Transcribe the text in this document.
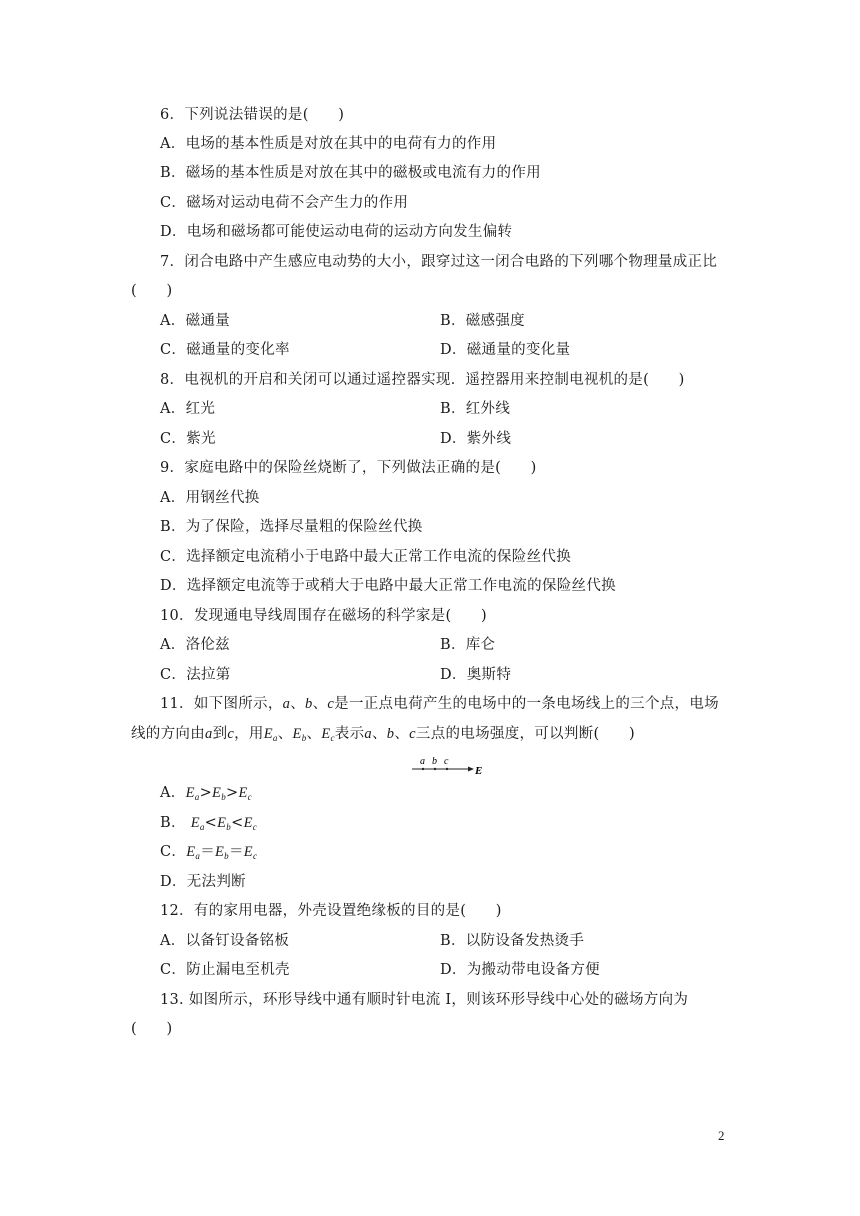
6．下列说法错误的是(　　)
A．电场的基本性质是对放在其中的电荷有力的作用
B．磁场的基本性质是对放在其中的磁极或电流有力的作用
C．磁场对运动电荷不会产生力的作用
D．电场和磁场都可能使运动电荷的运动方向发生偏转
7．闭合电路中产生感应电动势的大小，跟穿过这一闭合电路的下列哪个物理量成正比
(　　)
A．磁通量	B．磁感强度
C．磁通量的变化率	D．磁通量的变化量
8．电视机的开启和关闭可以通过遥控器实现．遥控器用来控制电视机的是(　　)
A．红光	B．红外线
C．紫光	D．紫外线
9．家庭电路中的保险丝烧断了，下列做法正确的是(　　)
A．用钢丝代换
B．为了保险，选择尽量粗的保险丝代换
C．选择额定电流稍小于电路中最大正常工作电流的保险丝代换
D．选择额定电流等于或稍大于电路中最大正常工作电流的保险丝代换
10．发现通电导线周围存在磁场的科学家是(　　)
A．洛伦兹	B．库仑
C．法拉第	D．奥斯特
11．如下图所示，a、b、c是一正点电荷产生的电场中的一条电场线上的三个点，电场
线的方向由a到c，用$E_a$、$E_b$、$E_c$表示a、b、c三点的电场强度，可以判断(　　)
a b c
E
A．$E_a>E_b>E_c$
B． $E_a<E_b<E_c$
C．$E_a=E_b=E_c$
D．无法判断
12．有的家用电器，外壳设置绝缘板的目的是(　　)
A．以备钉设备铭板	B．以防设备发热烫手
C．防止漏电至机壳	D．为搬动带电设备方便
13. 如图所示，环形导线中通有顺时针电流 I，则该环形导线中心处的磁场方向为
(　　)
2
